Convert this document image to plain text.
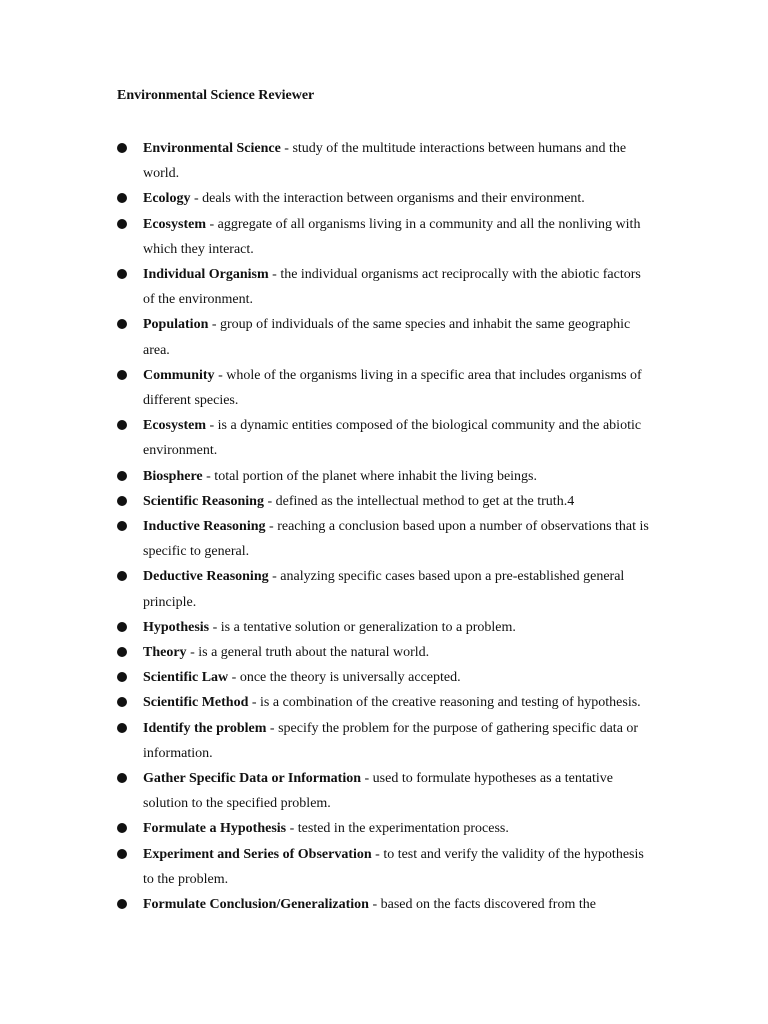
Environmental Science Reviewer
Environmental Science - study of the multitude interactions between humans and the world.
Ecology - deals with the interaction between organisms and their environment.
Ecosystem - aggregate of all organisms living in a community and all the nonliving with which they interact.
Individual Organism - the individual organisms act reciprocally with the abiotic factors of the environment.
Population - group of individuals of the same species and inhabit the same geographic area.
Community - whole of the organisms living in a specific area that includes organisms of different species.
Ecosystem - is a dynamic entities composed of the biological community and the abiotic environment.
Biosphere - total portion of the planet where inhabit the living beings.
Scientific Reasoning - defined as the intellectual method to get at the truth.4
Inductive Reasoning - reaching a conclusion based upon a number of observations that is specific to general.
Deductive Reasoning - analyzing specific cases based upon a pre-established general principle.
Hypothesis - is a tentative solution or generalization to a problem.
Theory - is a general truth about the natural world.
Scientific Law - once the theory is universally accepted.
Scientific Method - is a combination of the creative reasoning and testing of hypothesis.
Identify the problem - specify the problem for the purpose of gathering specific data or information.
Gather Specific Data or Information - used to formulate hypotheses as a tentative solution to the specified problem.
Formulate a Hypothesis - tested in the experimentation process.
Experiment and Series of Observation - to test and verify the validity of the hypothesis to the problem.
Formulate Conclusion/Generalization - based on the facts discovered from the
